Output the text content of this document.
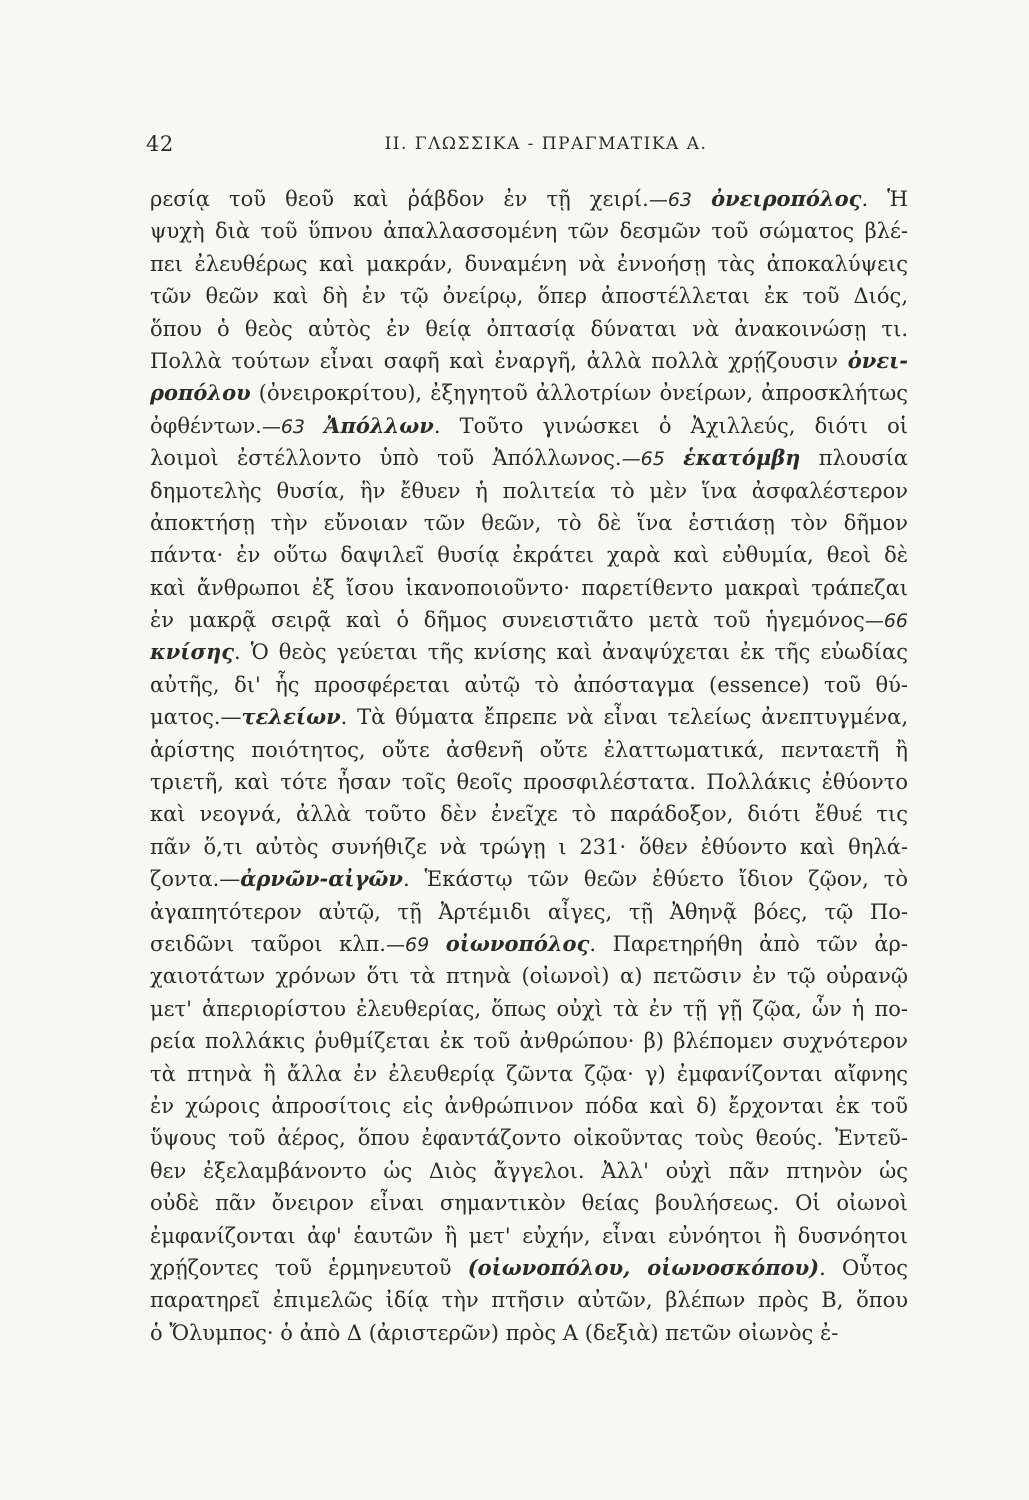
42	II. ΓΛΩΣΣΙΚΑ - ΠΡΑΓΜΑΤΙΚΑ Α.
ρεσίᾳ τοῦ θεοῦ καὶ ῥάβδον ἐν τῇ χειρί.—63 ὀνειροπόλος. Ἡ
ψυχὴ διὰ τοῦ ὕπνου ἀπαλλασσομένη τῶν δεσμῶν τοῦ σώματος βλέ-
πει ἐλευθέρως καὶ μακράν, δυναμένη νὰ ἐννοήσῃ τὰς ἀποκαλύψεις
τῶν θεῶν καὶ δὴ ἐν τῷ ὀνείρῳ, ὅπερ ἀποστέλλεται ἐκ τοῦ Διός,
ὅπου ὁ θεὸς αὐτὸς ἐν θείᾳ ὀπτασίᾳ δύναται νὰ ἀνακοινώσῃ τι.
Πολλὰ τούτων εἶναι σαφῆ καὶ ἐναργῆ, ἀλλὰ πολλὰ χρῄζουσιν ὀνει-
ροπόλου (ὀνειροκρίτου), ἐξηγητοῦ ἀλλοτρίων ὀνείρων, ἀπροσκλήτως
ὀφθέντων.—63 Ἀπόλλων. Τοῦτο γινώσκει ὁ Ἀχιλλεύς, διότι οἱ
λοιμοὶ ἐστέλλοντο ὑπὸ τοῦ Ἀπόλλωνος.—65 ἑκατόμβη πλουσία
δημοτελὴς θυσία, ἣν ἔθυεν ἡ πολιτεία τὸ μὲν ἵνα ἀσφαλέστερον
ἀποκτήσῃ τὴν εὔνοιαν τῶν θεῶν, τὸ δὲ ἵνα ἑστιάσῃ τὸν δῆμον
πάντα· ἐν οὕτω δαψιλεῖ θυσίᾳ ἐκράτει χαρὰ καὶ εὐθυμία, θεοὶ δὲ
καὶ ἄνθρωποι ἐξ ἴσου ἱκανοποιοῦντο· παρετίθεντο μακραὶ τράπεζαι
ἐν μακρᾷ σειρᾷ καὶ ὁ δῆμος συνειστιᾶτο μετὰ τοῦ ἡγεμόνος—66
κνίσης. Ὁ θεὸς γεύεται τῆς κνίσης καὶ ἀναψύχεται ἐκ τῆς εὐωδίας
αὐτῆς, δι' ἧς προσφέρεται αὐτῷ τὸ ἀπόσταγμα (essence) τοῦ θύ-
ματος.—τελείων. Τὰ θύματα ἔπρεπε νὰ εἶναι τελείως ἀνεπτυγμένα,
ἀρίστης ποιότητος, οὔτε ἀσθενῆ οὔτε ἐλαττωματικά, πενταετῆ ἢ
τριετῆ, καὶ τότε ἦσαν τοῖς θεοῖς προσφιλέστατα. Πολλάκις ἐθύοντο
καὶ νεογνά, ἀλλὰ τοῦτο δὲν ἐνεῖχε τὸ παράδοξον, διότι ἔθυέ τις
πᾶν ὅ,τι αὐτὸς συνήθιζε νὰ τρώγῃ ι 231· ὅθεν ἐθύοντο καὶ θηλά-
ζοντα.—ἀρνῶν-αἰγῶν. Ἑκάστῳ τῶν θεῶν ἐθύετο ἴδιον ζῷον, τὸ
ἀγαπητότερον αὐτῷ, τῇ Ἀρτέμιδι αἶγες, τῇ Ἀθηνᾷ βόες, τῷ Πο-
σειδῶνι ταῦροι κλπ.—69 οἰωνοπόλος. Παρετηρήθη ἀπὸ τῶν ἀρ-
χαιοτάτων χρόνων ὅτι τὰ πτηνὰ (οἰωνοὶ) α) πετῶσιν ἐν τῷ οὐρανῷ
μετ' ἀπεριορίστου ἐλευθερίας, ὅπως οὐχὶ τὰ ἐν τῇ γῇ ζῷα, ὧν ἡ πο-
ρεία πολλάκις ῥυθμίζεται ἐκ τοῦ ἀνθρώπου· β) βλέπομεν συχνότερον
τὰ πτηνὰ ἢ ἄλλα ἐν ἐλευθερίᾳ ζῶντα ζῷα· γ) ἐμφανίζονται αἴφνης
ἐν χώροις ἀπροσίτοις εἰς ἀνθρώπινον πόδα καὶ δ) ἔρχονται ἐκ τοῦ
ὕψους τοῦ ἀέρος, ὅπου ἐφαντάζοντο οἰκοῦντας τοὺς θεούς. Ἐντεῦ-
θεν ἐξελαμβάνοντο ὡς Διὸς ἄγγελοι. Ἀλλ' οὐχὶ πᾶν πτηνὸν ὡς
οὐδὲ πᾶν ὄνειρον εἶναι σημαντικὸν θείας βουλήσεως. Οἱ οἰωνοὶ
ἐμφανίζονται ἀφ' ἑαυτῶν ἢ μετ' εὐχήν, εἶναι εὐνόητοι ἢ δυσνόητοι
χρῄζοντες τοῦ ἑρμηνευτοῦ (οἰωνοπόλου, οἰωνοσκόπου). Οὗτος
παρατηρεῖ ἐπιμελῶς ἰδίᾳ τὴν πτῆσιν αὐτῶν, βλέπων πρὸς Β, ὅπου
ὁ Ὄλυμπος· ὁ ἀπὸ Δ (ἀριστερῶν) πρὸς Α (δεξιὰ) πετῶν οἰωνὸς ἐ-
